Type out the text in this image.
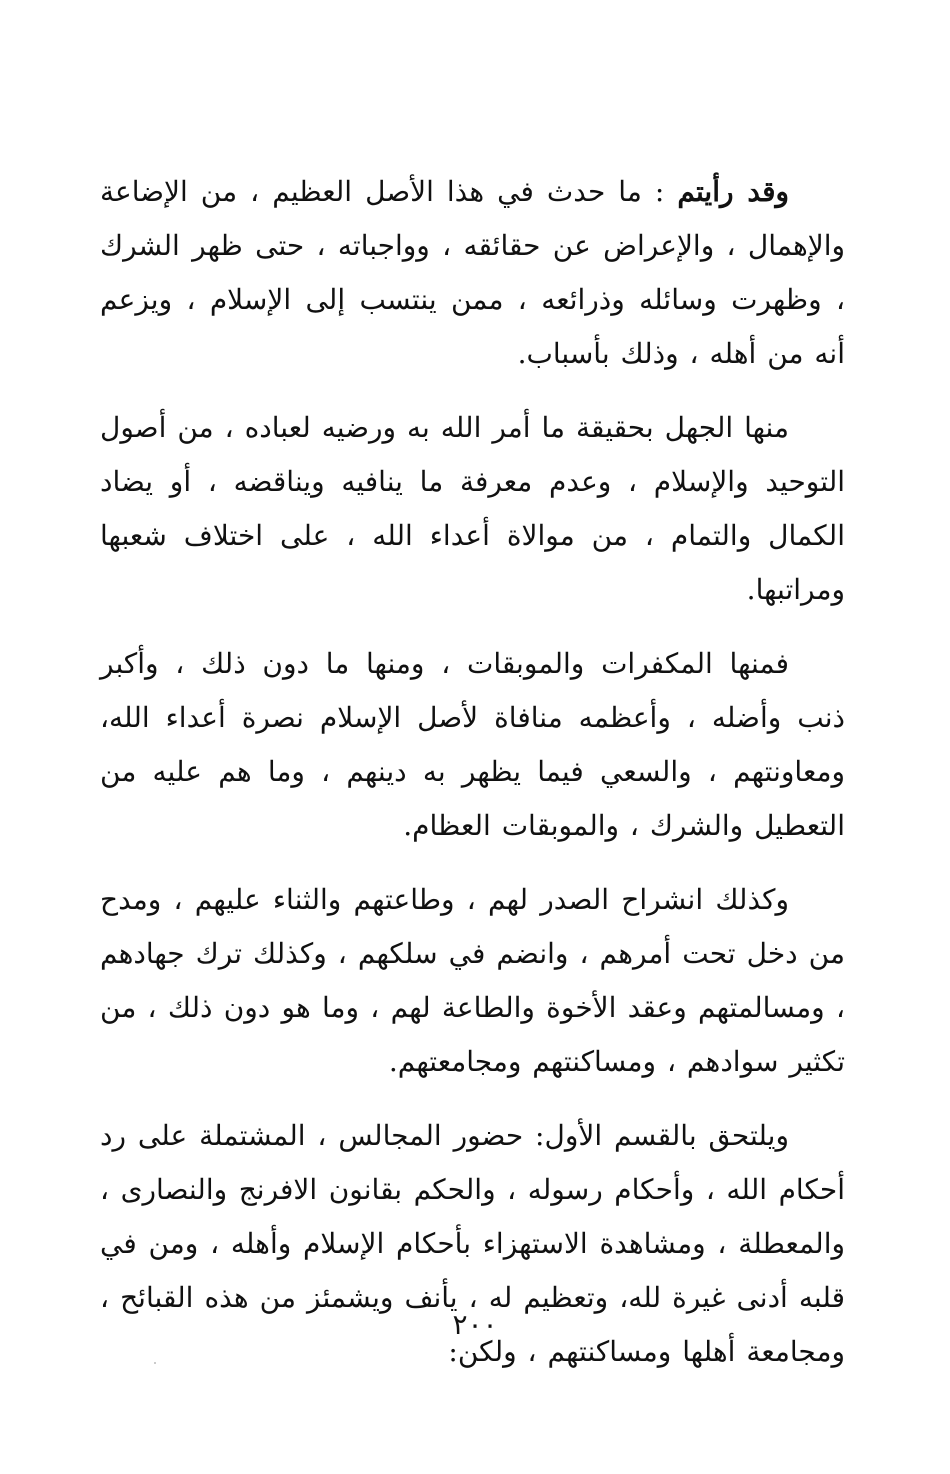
وقد رأيتم : ما حدث في هذا الأصل العظيم ، من الإضاعة والإهمال ، والإعراض عن حقائقه ، وواجباته ، حتى ظهر الشرك ، وظهرت وسائله وذرائعه ، ممن ينتسب إلى الإسلام ، ويزعم أنه من أهله ، وذلك بأسباب.

منها الجهل بحقيقة ما أمر الله به ورضيه لعباده ، من أصول التوحيد والإسلام ، وعدم معرفة ما ينافيه ويناقضه ، أو يضاد الكمال والتمام ، من موالاة أعداء الله ، على اختلاف شعبها ومراتبها.

فمنها المكفرات والموبقات ، ومنها ما دون ذلك ، وأكبر ذنب وأضله ، وأعظمه منافاة لأصل الإسلام نصرة أعداء الله، ومعاونتهم ، والسعي فيما يظهر به دينهم ، وما هم عليه من التعطيل والشرك ، والموبقات العظام.

وكذلك انشراح الصدر لهم ، وطاعتهم والثناء عليهم ، ومدح من دخل تحت أمرهم ، وانضم في سلكهم ، وكذلك ترك جهادهم ، ومسالمتهم وعقد الأخوة والطاعة لهم ، وما هو دون ذلك ، من تكثير سوادهم ، ومساكنتهم ومجامعتهم.

ويلتحق بالقسم الأول: حضور المجالس ، المشتملة على رد أحكام الله ، وأحكام رسوله ، والحكم بقانون الافرنج والنصارى ، والمعطلة ، ومشاهدة الاستهزاء بأحكام الإسلام وأهله ، ومن في قلبه أدنى غيرة لله، وتعظيم له ، يأنف ويشمئز من هذه القبائح ، ومجامعة أهلها ومساكنتهم ، ولكن:

٢٠٠
